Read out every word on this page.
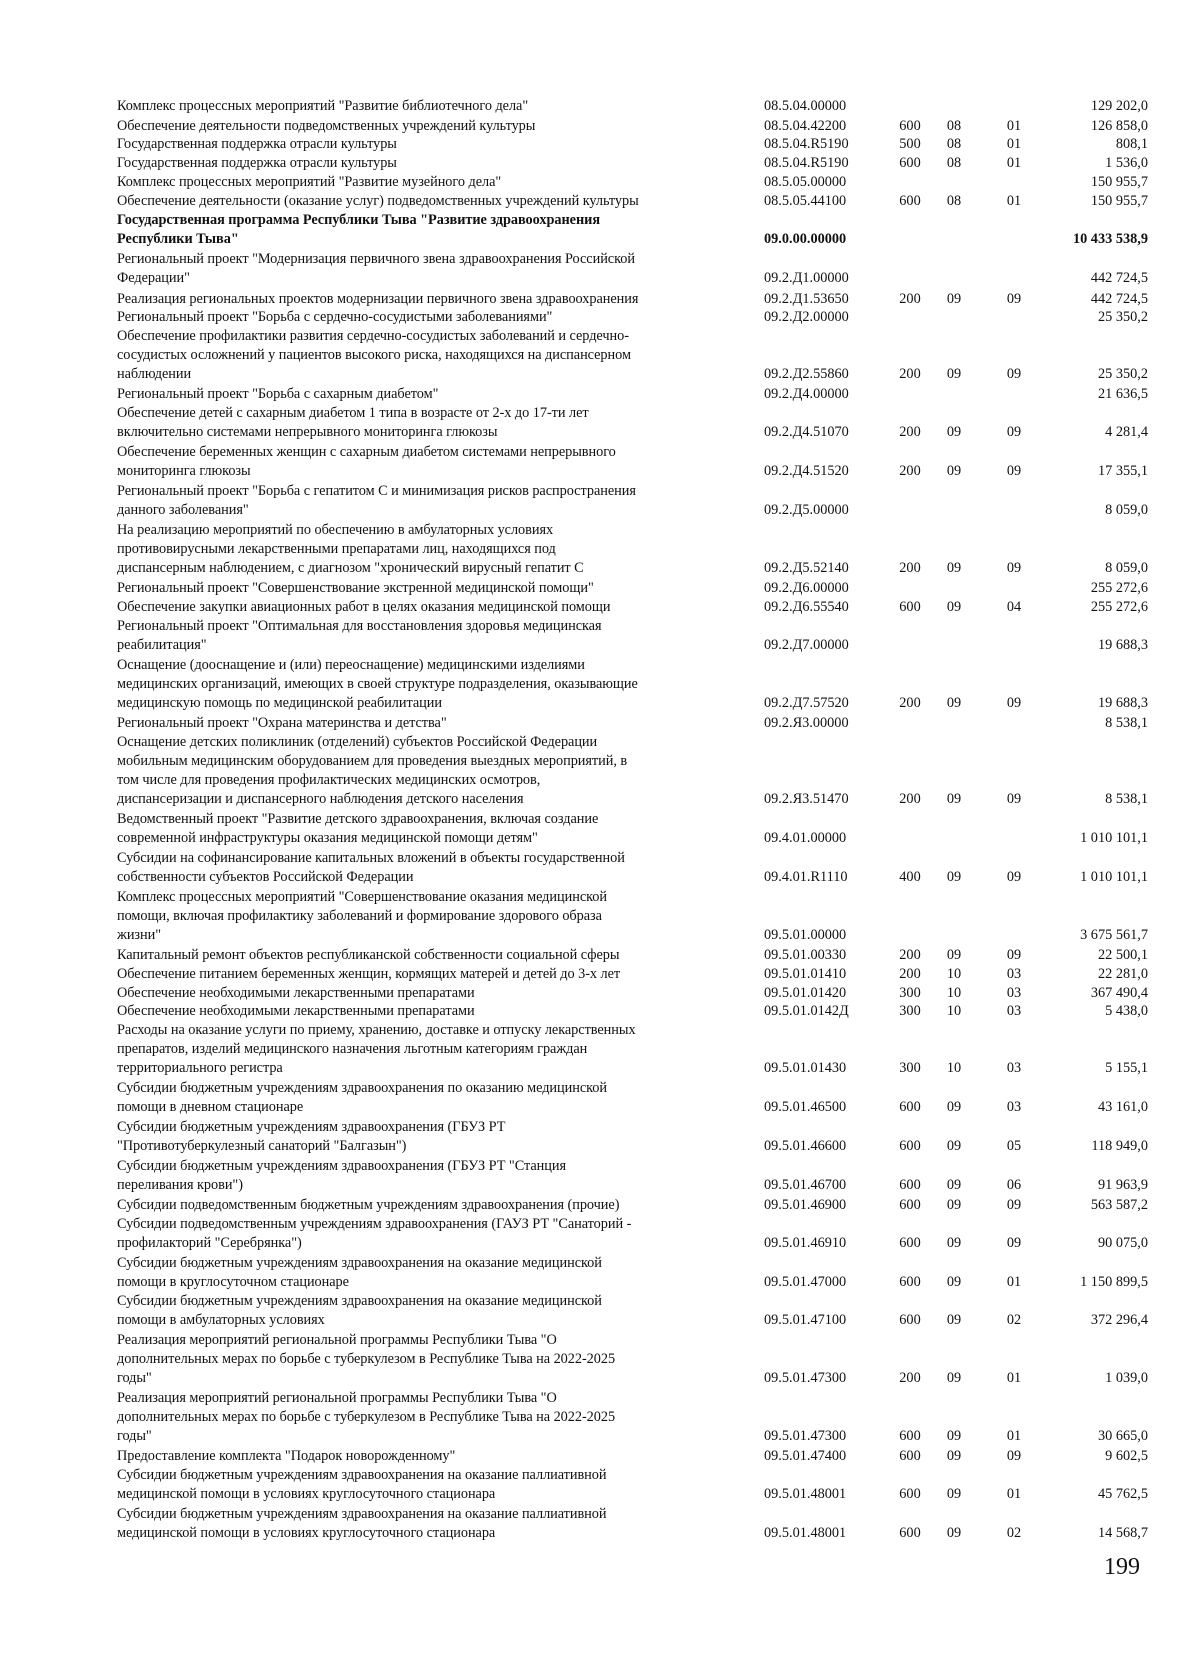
Комплекс процессных мероприятий "Развитие библиотечного дела"	08.5.04.00000	129 202,0
Обеспечение деятельности подведомственных учреждений культуры	08.5.04.42200	600	08	01	126 858,0
Государственная поддержка отрасли культуры	08.5.04.R5190	500	08	01	808,1
Государственная поддержка отрасли культуры	08.5.04.R5190	600	08	01	1 536,0
Комплекс процессных мероприятий "Развитие музейного дела"	08.5.05.00000	150 955,7
Обеспечение деятельности (оказание услуг) подведомственных учреждений культуры	08.5.05.44100	600	08	01	150 955,7
Государственная программа Республики Тыва "Развитие здравоохранения
Республики Тыва"	09.0.00.00000	10 433 538,9
Региональный проект "Модернизация первичного звена здравоохранения Российской
Федерации"	09.2.Д1.00000	442 724,5
Реализация региональных проектов модернизации первичного звена здравоохранения	09.2.Д1.53650	200	09	09	442 724,5
Региональный проект "Борьба с сердечно-сосудистыми заболеваниями"	09.2.Д2.00000	25 350,2
Обеспечение профилактики развития сердечно-сосудистых заболеваний и сердечно-
сосудистых осложнений у пациентов высокого риска, находящихся на диспансерном
наблюдении	09.2.Д2.55860	200	09	09	25 350,2
Региональный проект "Борьба с сахарным диабетом"	09.2.Д4.00000	21 636,5
Обеспечение детей с сахарным диабетом 1 типа в возрасте от 2-х до 17-ти лет
включительно системами непрерывного мониторинга глюкозы	09.2.Д4.51070	200	09	09	4 281,4
Обеспечение беременных женщин с сахарным диабетом системами непрерывного
мониторинга глюкозы	09.2.Д4.51520	200	09	09	17 355,1
Региональный проект "Борьба с гепатитом С и минимизация рисков распространения
данного заболевания"	09.2.Д5.00000	8 059,0
На реализацию мероприятий по обеспечению в амбулаторных условиях
противовирусными лекарственными препаратами лиц, находящихся под
диспансерным наблюдением, с диагнозом "хронический вирусный гепатит С	09.2.Д5.52140	200	09	09	8 059,0
Региональный проект "Совершенствование экстренной медицинской помощи"	09.2.Д6.00000	255 272,6
Обеспечение закупки авиационных работ в целях оказания медицинской помощи	09.2.Д6.55540	600	09	04	255 272,6
Региональный проект "Оптимальная для восстановления здоровья медицинская
реабилитация"	09.2.Д7.00000	19 688,3
Оснащение (дооснащение и (или) переоснащение) медицинскими изделиями
медицинских организаций, имеющих в своей структуре подразделения, оказывающие
медицинскую помощь по медицинской реабилитации	09.2.Д7.57520	200	09	09	19 688,3
Региональный проект "Охрана материнства и детства"	09.2.Я3.00000	8 538,1
Оснащение детских поликлиник (отделений) субъектов Российской Федерации
мобильным медицинским оборудованием для проведения выездных мероприятий, в
том числе для проведения профилактических медицинских осмотров,
диспансеризации и диспансерного наблюдения детского населения	09.2.Я3.51470	200	09	09	8 538,1
Ведомственный проект "Развитие детского здравоохранения, включая создание
современной инфраструктуры оказания медицинской помощи детям"	09.4.01.00000	1 010 101,1
Субсидии на софинансирование капитальных вложений в объекты государственной
собственности субъектов Российской Федерации	09.4.01.R1110	400	09	09	1 010 101,1
Комплекс процессных мероприятий "Совершенствование оказания медицинской
помощи, включая профилактику заболеваний и формирование здорового образа
жизни"	09.5.01.00000	3 675 561,7
Капитальный ремонт объектов республиканской собственности социальной сферы	09.5.01.00330	200	09	09	22 500,1
Обеспечение питанием беременных женщин, кормящих матерей и детей до 3-х лет	09.5.01.01410	200	10	03	22 281,0
Обеспечение необходимыми лекарственными препаратами	09.5.01.01420	300	10	03	367 490,4
Обеспечение необходимыми лекарственными препаратами	09.5.01.0142Д	300	10	03	5 438,0
Расходы на оказание услуги по приему, хранению, доставке и отпуску лекарственных
препаратов, изделий медицинского назначения льготным категориям граждан
территориального регистра	09.5.01.01430	300	10	03	5 155,1
Субсидии бюджетным учреждениям здравоохранения по оказанию медицинской
помощи в дневном стационаре	09.5.01.46500	600	09	03	43 161,0
Субсидии бюджетным учреждениям здравоохранения (ГБУЗ РТ
"Противотуберкулезный санаторий "Балгазын")	09.5.01.46600	600	09	05	118 949,0
Субсидии бюджетным учреждениям здравоохранения (ГБУЗ РТ "Станция
переливания крови")	09.5.01.46700	600	09	06	91 963,9
Субсидии подведомственным бюджетным учреждениям здравоохранения (прочие)	09.5.01.46900	600	09	09	563 587,2
Субсидии подведомственным учреждениям здравоохранения (ГАУЗ РТ "Санаторий -
профилакторий "Серебрянка")	09.5.01.46910	600	09	09	90 075,0
Субсидии бюджетным учреждениям здравоохранения на оказание медицинской
помощи в круглосуточном стационаре	09.5.01.47000	600	09	01	1 150 899,5
Субсидии бюджетным учреждениям здравоохранения на оказание медицинской
помощи в амбулаторных условиях	09.5.01.47100	600	09	02	372 296,4
Реализация мероприятий региональной программы Республики Тыва "О
дополнительных мерах по борьбе с туберкулезом в Республике Тыва на 2022-2025
годы"	09.5.01.47300	200	09	01	1 039,0
Реализация мероприятий региональной программы Республики Тыва "О
дополнительных мерах по борьбе с туберкулезом в Республике Тыва на 2022-2025
годы"	09.5.01.47300	600	09	01	30 665,0
Предоставление комплекта "Подарок новорожденному"	09.5.01.47400	600	09	09	9 602,5
Субсидии бюджетным учреждениям здравоохранения на оказание паллиативной
медицинской помощи в условиях круглосуточного стационара	09.5.01.48001	600	09	01	45 762,5
Субсидии бюджетным учреждениям здравоохранения на оказание паллиативной
медицинской помощи в условиях круглосуточного стационара	09.5.01.48001	600	09	02	14 568,7
199
